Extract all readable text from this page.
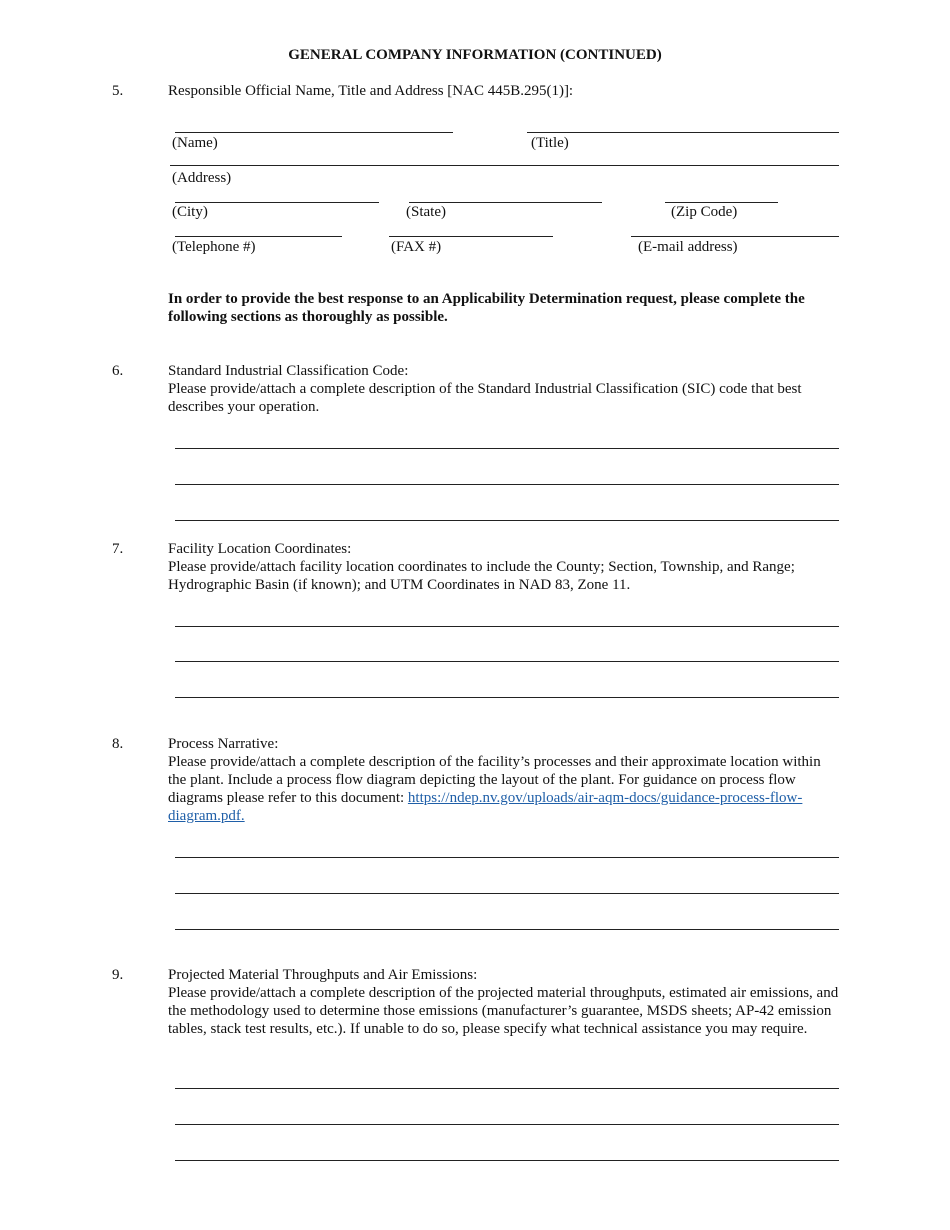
GENERAL COMPANY INFORMATION (CONTINUED)
5.	Responsible Official Name, Title and Address [NAC 445B.295(1)]:
(Name)	(Title)
(Address)
(City)	(State)	(Zip Code)
(Telephone #)	(FAX #)	(E-mail address)
In order to provide the best response to an Applicability Determination request, please complete the following sections as thoroughly as possible.
6.	Standard Industrial Classification Code:
Please provide/attach a complete description of the Standard Industrial Classification (SIC) code that best describes your operation.
7.	Facility Location Coordinates:
Please provide/attach facility location coordinates to include the County; Section, Township, and Range; Hydrographic Basin (if known); and UTM Coordinates in NAD 83, Zone 11.
8.	Process Narrative:
Please provide/attach a complete description of the facility’s processes and their approximate location within the plant. Include a process flow diagram depicting the layout of the plant. For guidance on process flow diagrams please refer to this document: https://ndep.nv.gov/uploads/air-aqm-docs/guidance-process-flow-diagram.pdf.
9.	Projected Material Throughputs and Air Emissions:
Please provide/attach a complete description of the projected material throughputs, estimated air emissions, and the methodology used to determine those emissions (manufacturer’s guarantee, MSDS sheets; AP-42 emission tables, stack test results, etc.). If unable to do so, please specify what technical assistance you may require.
